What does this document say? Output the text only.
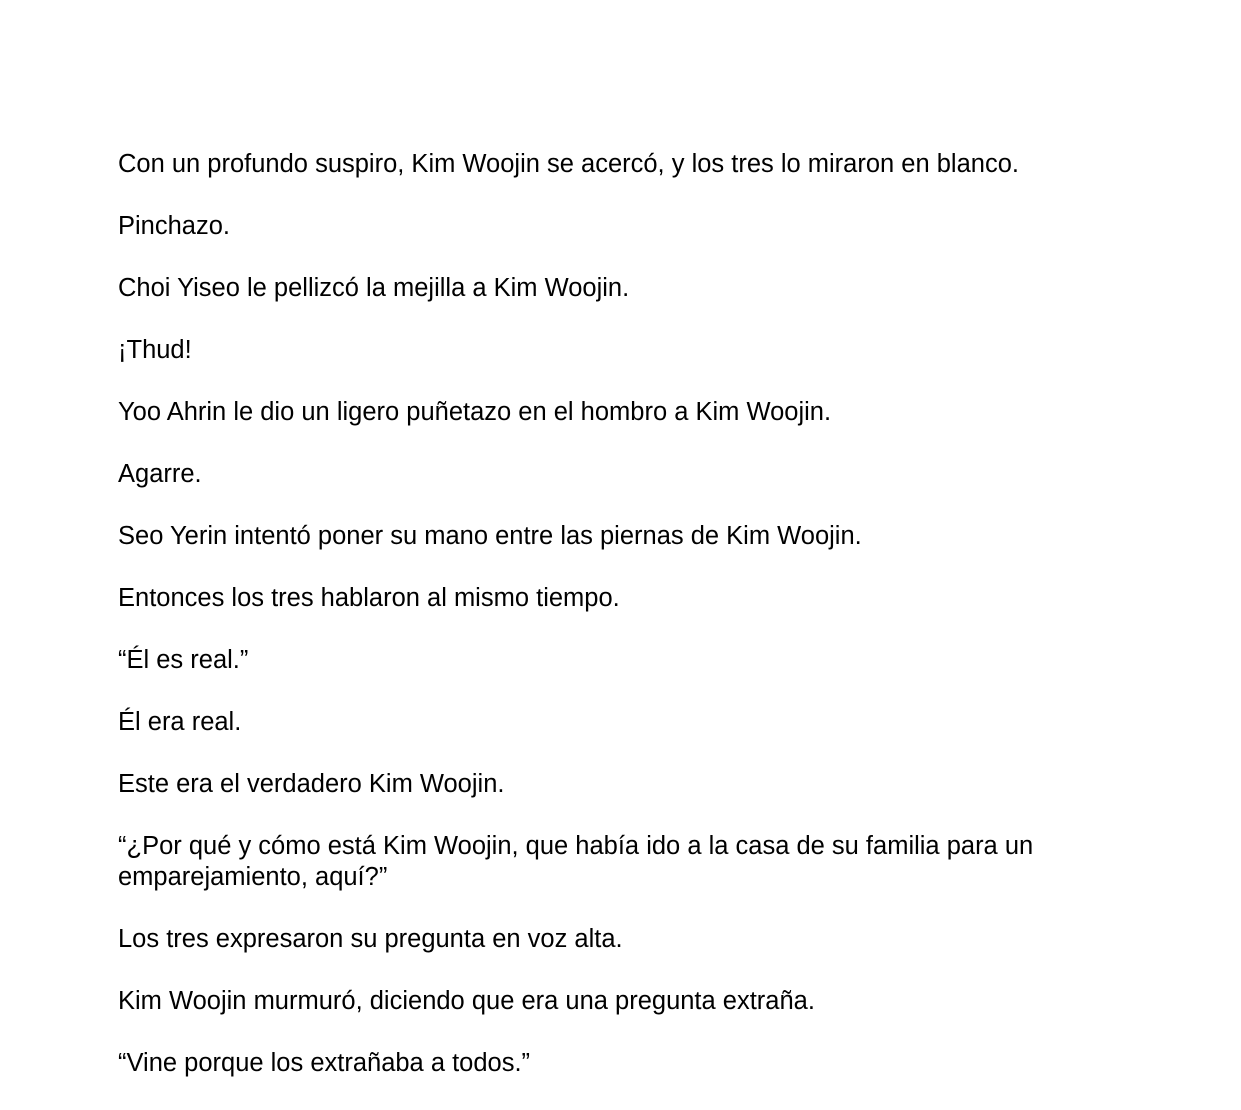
Con un profundo suspiro, Kim Woojin se acercó, y los tres lo miraron en blanco.

Pinchazo.

Choi Yiseo le pellizcó la mejilla a Kim Woojin.

¡Thud!

Yoo Ahrin le dio un ligero puñetazo en el hombro a Kim Woojin.

Agarre.

Seo Yerin intentó poner su mano entre las piernas de Kim Woojin.

Entonces los tres hablaron al mismo tiempo.

“Él es real.”

Él era real.

Este era el verdadero Kim Woojin.

“¿Por qué y cómo está Kim Woojin, que había ido a la casa de su familia para un emparejamiento, aquí?”

Los tres expresaron su pregunta en voz alta.

Kim Woojin murmuró, diciendo que era una pregunta extraña.

“Vine porque los extrañaba a todos.”
